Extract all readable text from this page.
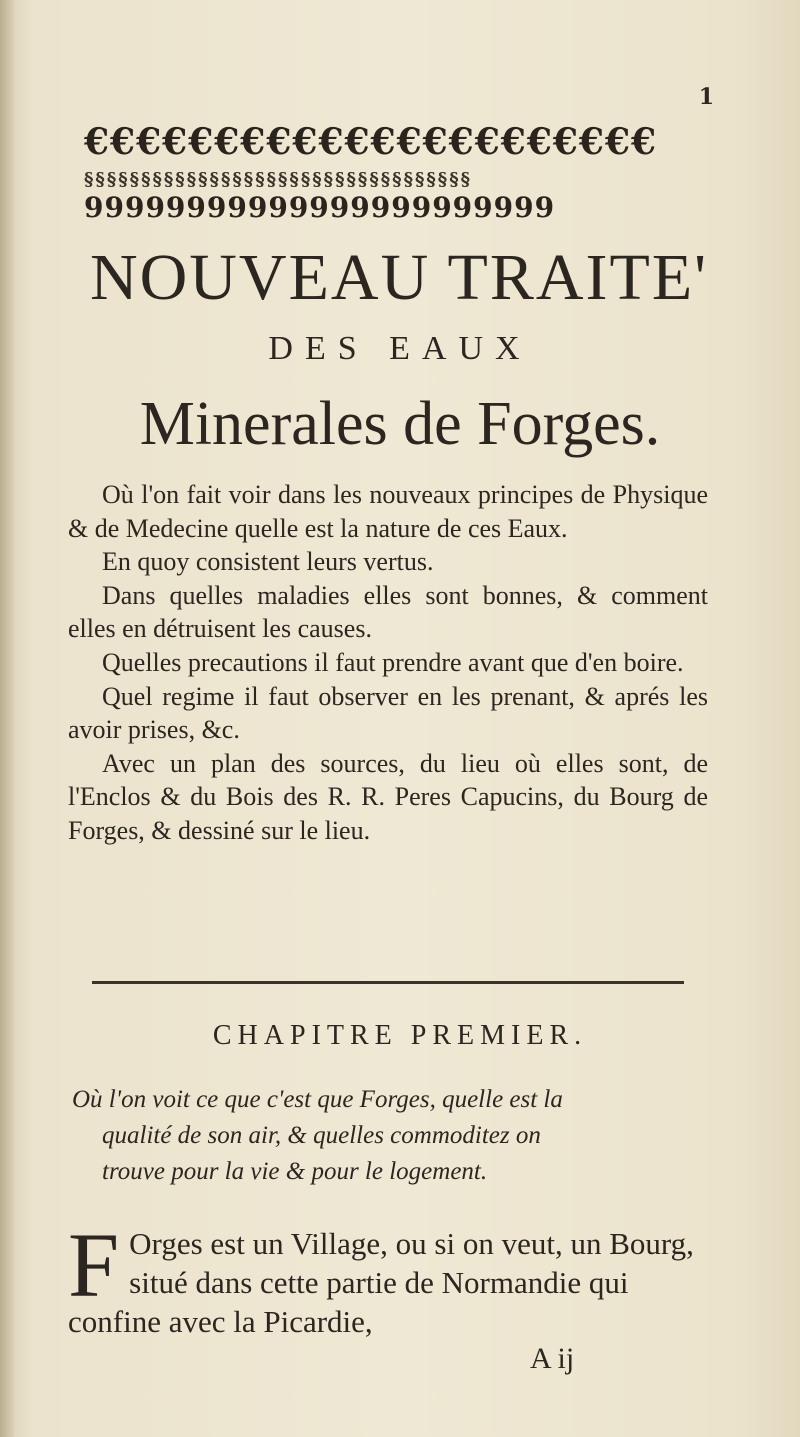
1
€€€€€€€€€€€€€€€€€€€€€€
§§§§§§§§§§§§§§§§§§§§§§§§§§§§§§§§§§
99999999999999999999999
NOUVEAU TRAITE'
DES EAUX
Minerales de Forges.

Où l'on fait voir dans les nouveaux principes de Physique & de Medecine quelle est la nature de ces Eaux.

En quoy consistent leurs vertus.

Dans quelles maladies elles sont bonnes, & comment elles en détruisent les causes.

Quelles precautions il faut prendre avant que d'en boire.

Quel regime il faut observer en les prenant, & aprés les avoir prises, &c.

Avec un plan des sources, du lieu où elles sont, de l'Enclos & du Bois des R. R. Peres Capucins, du Bourg de Forges, & dessiné sur le lieu.

CHAPITRE PREMIER.
Où l'on voit ce que c'est que Forges, quelle est la
qualité de son air, & quelles commoditez on
trouve pour la vie & pour le logement.
F Orges est un Village, ou si on veut, un Bourg, situé dans cette partie de Normandie qui confine avec la Picardie,
A ij
